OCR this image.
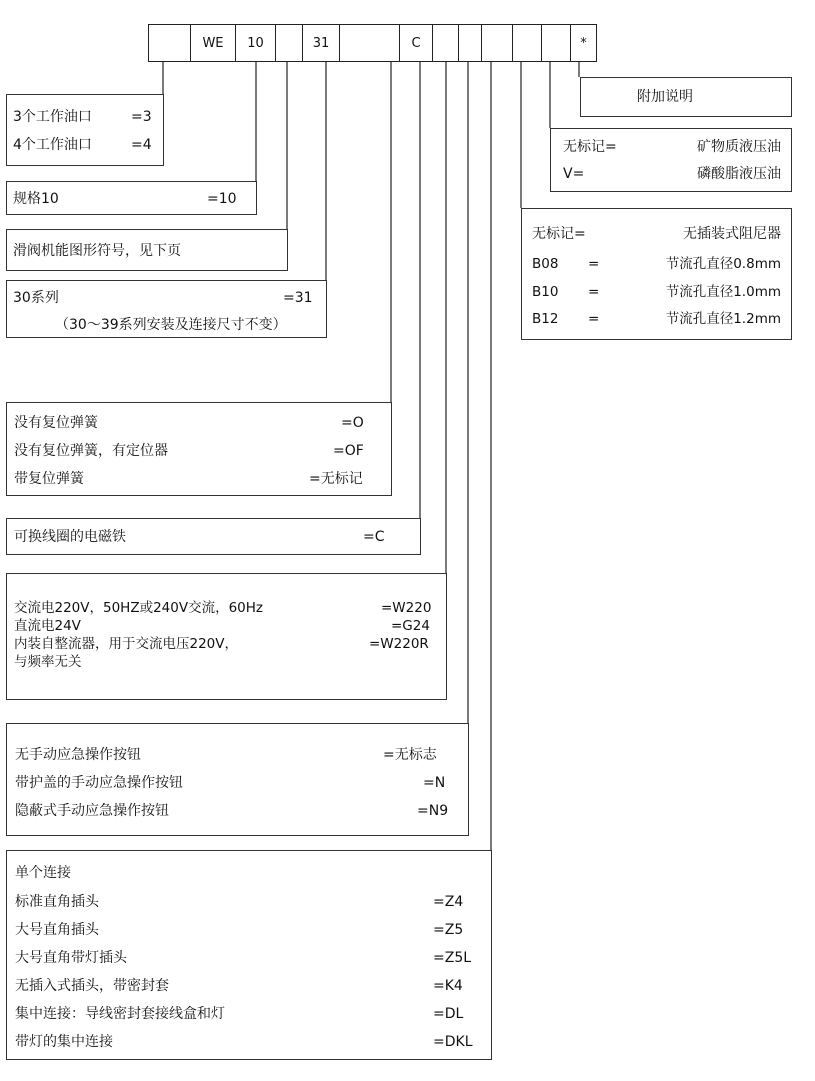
WE	10	31	C	*
附加说明
无标记=	矿物质液压油
V=	磷酸脂液压油
无标记=	无插装式阻尼器
B08 =	节流孔直径0.8mm
B10 =	节流孔直径1.0mm
B12 =	节流孔直径1.2mm
3个工作油口	=3
4个工作油口	=4
规格10	=10
滑阀机能图形符号，见下页
30系列	=31
（30～39系列安装及连接尺寸不变）
没有复位弹簧	=O
没有复位弹簧，有定位器	=OF
带复位弹簧	=无标记
可换线圈的电磁铁	=C
交流电220V，50HZ或240V交流，60Hz	=W220
直流电24V	=G24
内装自整流器，用于交流电压220V，	=W220R
与频率无关
无手动应急操作按钮	=无标志
带护盖的手动应急操作按钮	=N
隐蔽式手动应急操作按钮	=N9
单个连接
标准直角插头	=Z4
大号直角插头	=Z5
大号直角带灯插头	=Z5L
无插入式插头，带密封套	=K4
集中连接：导线密封套接线盒和灯	=DL
带灯的集中连接	=DKL
